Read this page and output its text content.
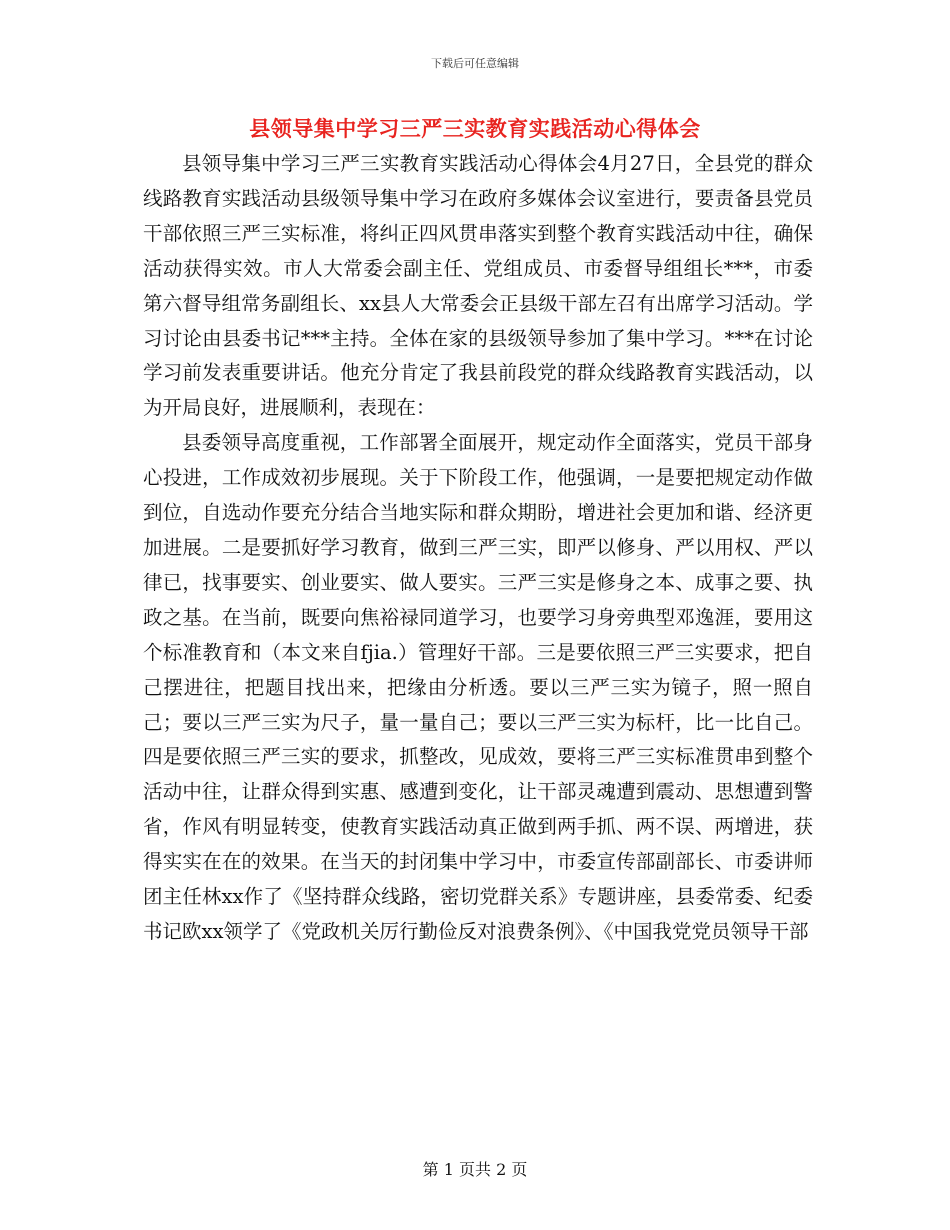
下载后可任意编辑
县领导集中学习三严三实教育实践活动心得体会

县领导集中学习三严三实教育实践活动心得体会4月27日，全县党的群众线路教育实践活动县级领导集中学习在政府多媒体会议室进行，要责备县党员干部依照三严三实标准，将纠正四风贯串落实到整个教育实践活动中往，确保活动获得实效。市人大常委会副主任、党组成员、市委督导组组长***，市委第六督导组常务副组长、xx县人大常委会正县级干部左召有出席学习活动。学习讨论由县委书记***主持。全体在家的县级领导参加了集中学习。***在讨论学习前发表重要讲话。他充分肯定了我县前段党的群众线路教育实践活动，以为开局良好，进展顺利，表现在：

县委领导高度重视，工作部署全面展开，规定动作全面落实，党员干部身心投进，工作成效初步展现。关于下阶段工作，他强调，一是要把规定动作做到位，自选动作要充分结合当地实际和群众期盼，增进社会更加和谐、经济更加进展。二是要抓好学习教育，做到三严三实，即严以修身、严以用权、严以律已，找事要实、创业要实、做人要实。三严三实是修身之本、成事之要、执政之基。在当前，既要向焦裕禄同道学习，也要学习身旁典型邓逸涯，要用这个标准教育和（本文来自fjia.）管理好干部。三是要依照三严三实要求，把自己摆进往，把题目找出来，把缘由分析透。要以三严三实为镜子，照一照自己；要以三严三实为尺子，量一量自己；要以三严三实为标杆，比一比自己。四是要依照三严三实的要求，抓整改，见成效，要将三严三实标准贯串到整个活动中往，让群众得到实惠、感遭到变化，让干部灵魂遭到震动、思想遭到警省，作风有明显转变，使教育实践活动真正做到两手抓、两不误、两增进，获得实实在在的效果。在当天的封闭集中学习中，市委宣传部副部长、市委讲师团主任林xx作了《坚持群众线路，密切党群关系》专题讲座，县委常委、纪委书记欧xx领学了《党政机关厉行勤俭反对浪费条例》、《中国我党党员领导干部

第 1 页共 2 页
